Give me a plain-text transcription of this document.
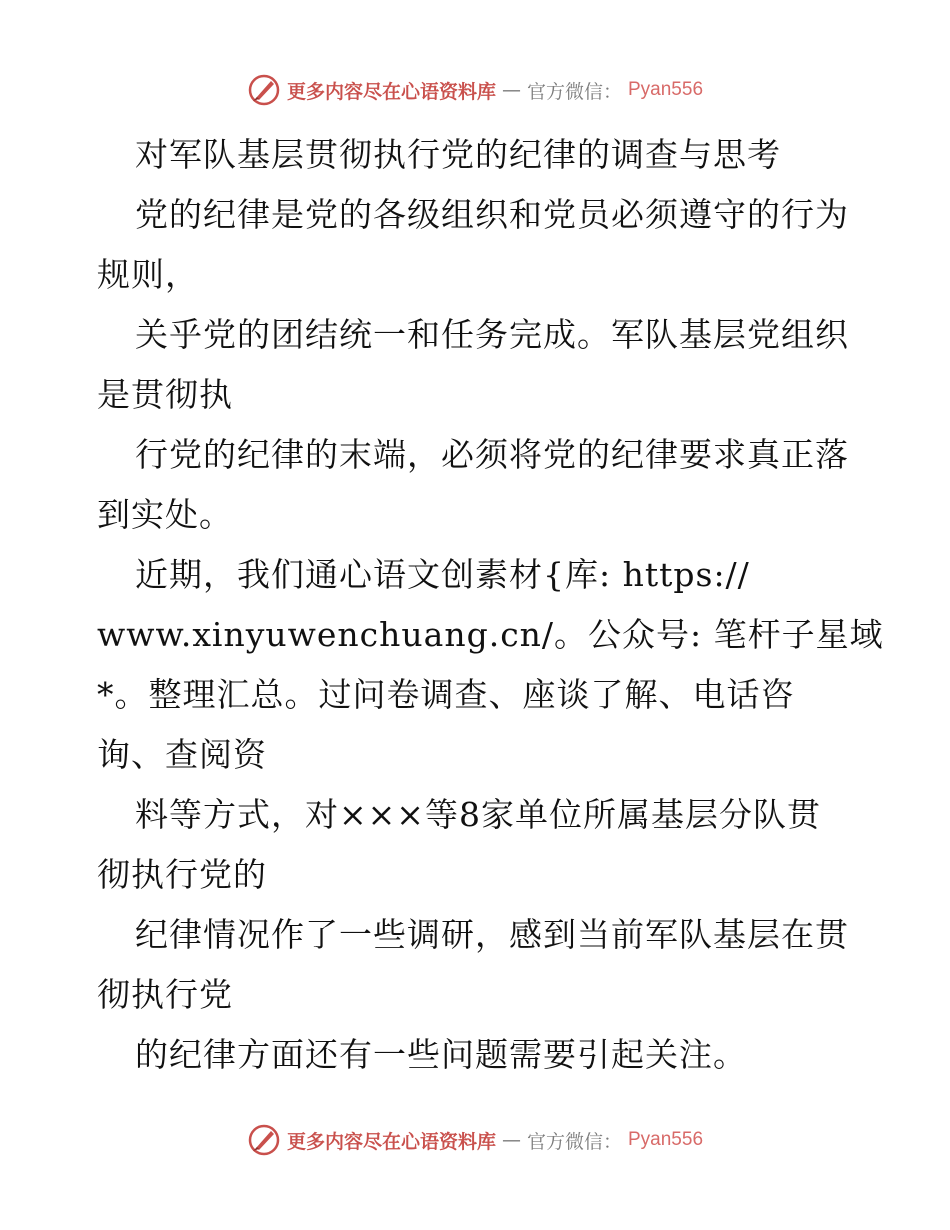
更多内容尽在心语资料库 — 官方微信： Pyan556
对军队基层贯彻执行党的纪律的调查与思考
党的纪律是党的各级组织和党员必须遵守的行为
规则，
关乎党的团结统一和任务完成。军队基层党组织
是贯彻执
行党的纪律的末端，必须将党的纪律要求真正落
到实处。
近期，我们通心语文创素材{库: https://
www.xinyuwenchuang.cn/。公众号: 笔杆子星域
*。整理汇总。过问卷调查、座谈了解、电话咨
询、查阅资
料等方式，对×××等8家单位所属基层分队贯
彻执行党的
纪律情况作了一些调研，感到当前军队基层在贯
彻执行党
的纪律方面还有一些问题需要引起关注。
更多内容尽在心语资料库 — 官方微信： Pyan556
